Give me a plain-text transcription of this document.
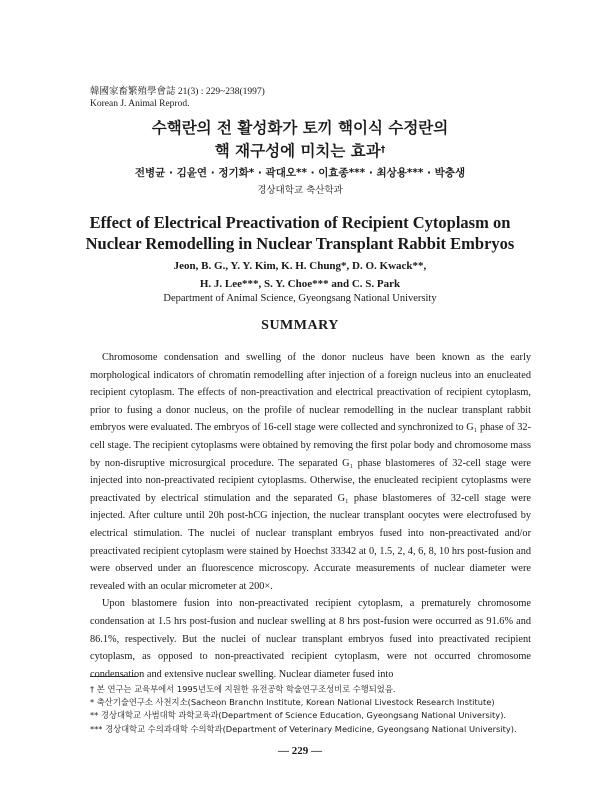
韓國家畜繁殖學會誌 21(3) : 229~238(1997)
Korean J. Animal Reprod.
수핵란의 전 활성화가 토끼 핵이식 수정란의
핵 재구성에 미치는 효과†
전병균 · 김윤연 · 정기화* · 곽대오** · 이효종*** · 최상용*** · 박충생
경상대학교 축산학과
Effect of Electrical Preactivation of Recipient Cytoplasm on
Nuclear Remodelling in Nuclear Transplant Rabbit Embryos
Jeon, B. G., Y. Y. Kim, K. H. Chung*, D. O. Kwack**,
H. J. Lee***, S. Y. Choe*** and C. S. Park
Department of Animal Science, Gyeongsang National University
SUMMARY

Chromosome condensation and swelling of the donor nucleus have been known as the early morphological indicators of chromatin remodelling after injection of a foreign nucleus into an enucleated recipient cytoplasm. The effects of non-preactivation and electrical preactivation of recipient cytoplasm, prior to fusing a donor nucleus, on the profile of nuclear remodelling in the nuclear transplant rabbit embryos were evaluated. The embryos of 16-cell stage were collected and synchronized to G₁ phase of 32-cell stage. The recipient cytoplasms were obtained by removing the first polar body and chromosome mass by non-disruptive microsurgical procedure. The separated G₁ phase blastomeres of 32-cell stage were injected into non-preactivated recipient cytoplasms. Otherwise, the enucleated recipient cytoplasms were preactivated by electrical stimulation and the separated G₁ phase blastomeres of 32-cell stage were injected. After culture until 20h post-hCG injection, the nuclear transplant oocytes were electrofused by electrical stimulation. The nuclei of nuclear transplant embryos fused into non-preactivated and/or preactivated recipient cytoplasm were stained by Hoechst 33342 at 0, 1.5, 2, 4, 6, 8, 10 hrs post-fusion and were observed under an fluorescence microscopy. Accurate measurements of nuclear diameter were revealed with an ocular micrometer at 200×.

Upon blastomere fusion into non-preactivated recipient cytoplasm, a prematurely chromosome condensation at 1.5 hrs post-fusion and nuclear swelling at 8 hrs post-fusion were occurred as 91.6% and 86.1%, respectively. But the nuclei of nuclear transplant embryos fused into preactivated recipient cytoplasm, as opposed to non-preactivated recipient cytoplasm, were not occurred chromosome condensation and extensive nuclear swelling. Nuclear diameter fused into

† 본 연구는 교육부에서 1995년도에 지원한 유전공학 학술연구조성비로 수행되었음.
* 축산기술연구소 사천지소(Sacheon Branchn Institute, Korean National Livestock Research Institute)
** 경상대학교 사범대학 과학교육과(Department of Science Education, Gyeongsang National University).
*** 경상대학교 수의과대학 수의학과(Department of Veterinary Medicine, Gyeongsang National University).
— 229 —
